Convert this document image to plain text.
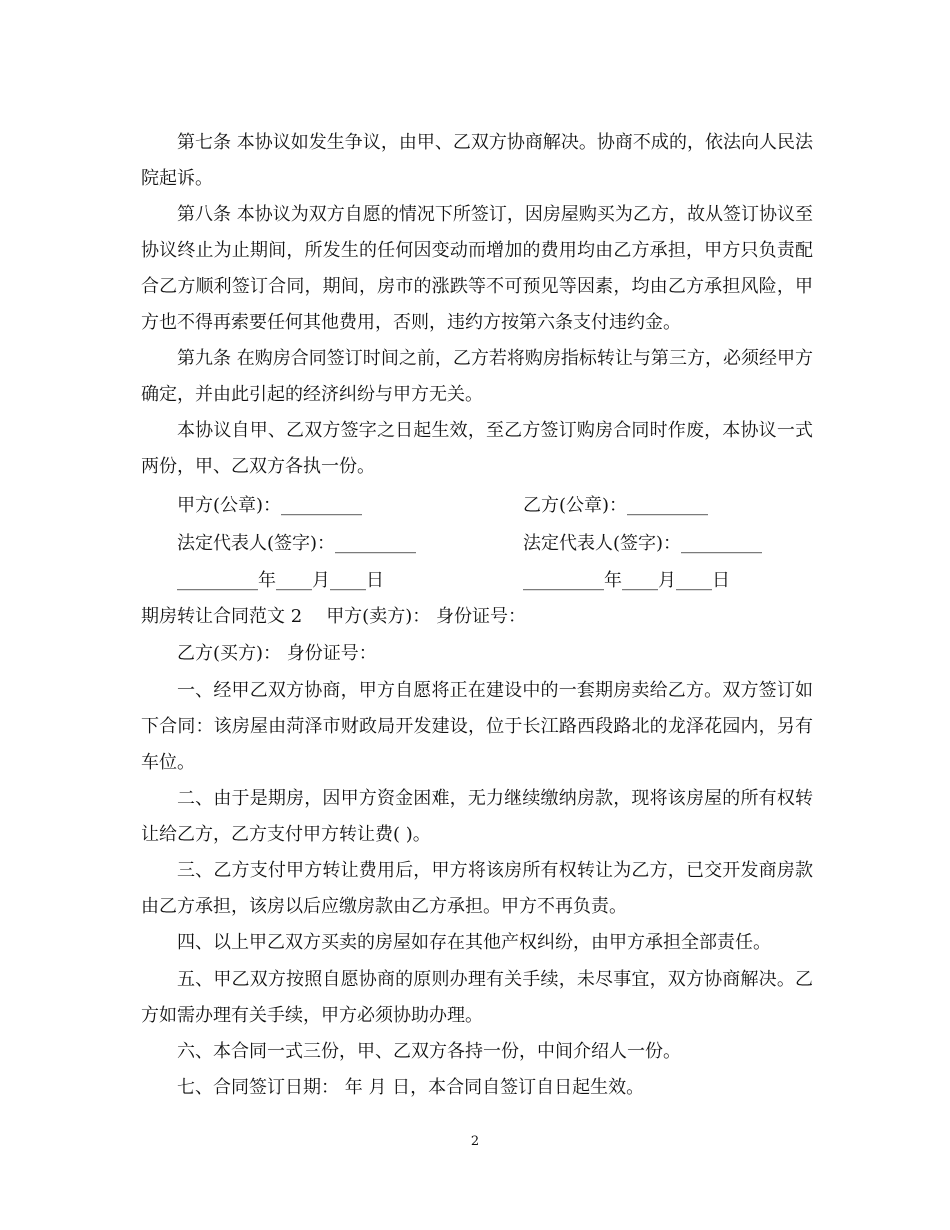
第七条 本协议如发生争议，由甲、乙双方协商解决。协商不成的，依法向人民法院起诉。

第八条 本协议为双方自愿的情况下所签订，因房屋购买为乙方，故从签订协议至协议终止为止期间，所发生的任何因变动而增加的费用均由乙方承担，甲方只负责配合乙方顺利签订合同，期间，房市的涨跌等不可预见等因素，均由乙方承担风险，甲方也不得再索要任何其他费用，否则，违约方按第六条支付违约金。

第九条 在购房合同签订时间之前，乙方若将购房指标转让与第三方，必须经甲方确定，并由此引起的经济纠纷与甲方无关。

本协议自甲、乙双方签字之日起生效，至乙方签订购房合同时作废，本协议一式两份，甲、乙双方各执一份。

甲方(公章)：_________	乙方(公章)：_________
法定代表人(签字)：_________	法定代表人(签字)：_________
_________年____月____日	_________年____月____日
期房转让合同范文 2 甲方(卖方)： 身份证号：
乙方(买方)： 身份证号：

一、经甲乙双方协商，甲方自愿将正在建设中的一套期房卖给乙方。双方签订如下合同：该房屋由菏泽市财政局开发建设，位于长江路西段路北的龙泽花园内，另有车位。

二、由于是期房，因甲方资金困难，无力继续缴纳房款，现将该房屋的所有权转让给乙方，乙方支付甲方转让费( )。

三、乙方支付甲方转让费用后，甲方将该房所有权转让为乙方，已交开发商房款由乙方承担，该房以后应缴房款由乙方承担。甲方不再负责。

四、以上甲乙双方买卖的房屋如存在其他产权纠纷，由甲方承担全部责任。

五、甲乙双方按照自愿协商的原则办理有关手续，未尽事宜，双方协商解决。乙方如需办理有关手续，甲方必须协助办理。

六、本合同一式三份，甲、乙双方各持一份，中间介绍人一份。

七、合同签订日期： 年 月 日，本合同自签订自日起生效。

2
